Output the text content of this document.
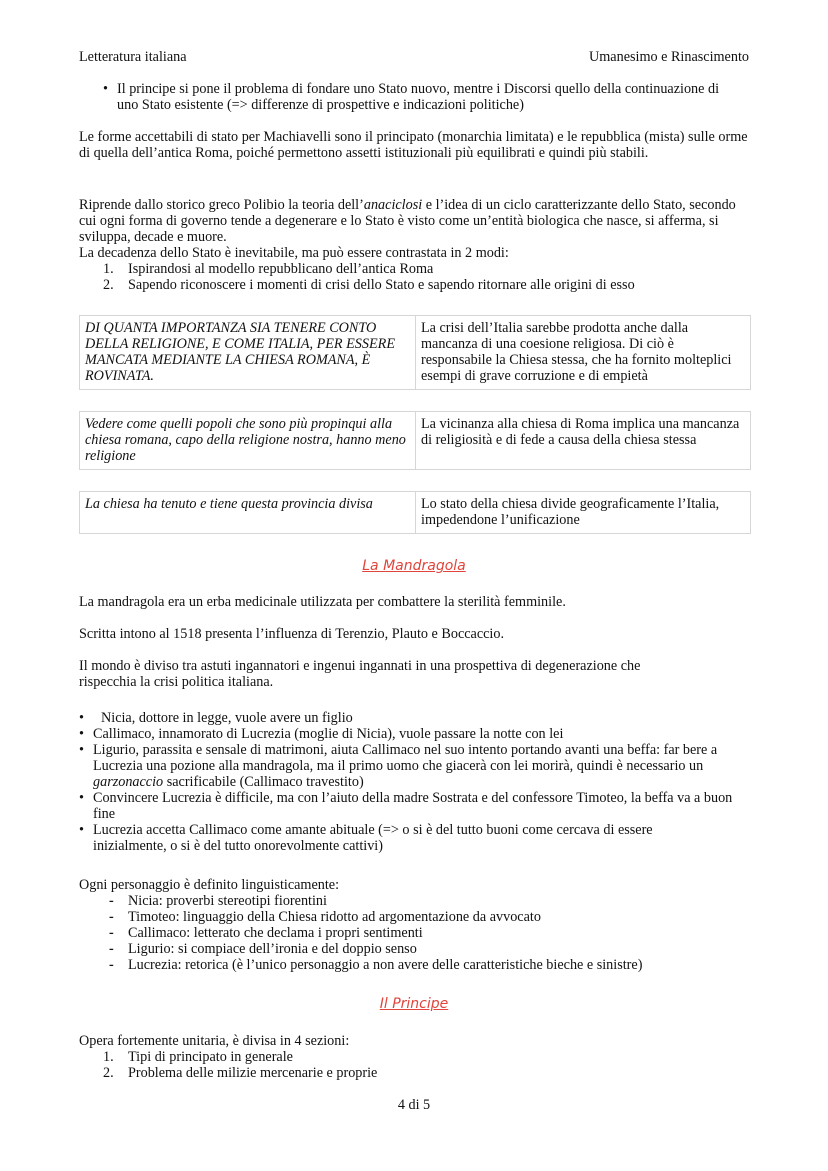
Letteratura italiana	Umanesimo e Rinascimento
• Il principe si pone il problema di fondare uno Stato nuovo, mentre i Discorsi quello della continuazione di uno Stato esistente (=> differenze di prospettive e indicazioni politiche)

Le forme accettabili di stato per Machiavelli sono il principato (monarchia limitata) e le repubblica (mista) sulle orme di quella dell’antica Roma, poiché permettono assetti istituzionali più equilibrati e quindi più stabili.

Riprende dallo storico greco Polibio la teoria dell’anaciclosi e l’idea di un ciclo caratterizzante dello Stato, secondo cui ogni forma di governo tende a degenerare e lo Stato è visto come un’entità biologica che nasce, si afferma, si sviluppa, decade e muore.

La decadenza dello Stato è inevitabile, ma può essere contrastata in 2 modi:

1. Ispirandosi al modello repubblicano dell’antica Roma
2. Sapendo riconoscere i momenti di crisi dello Stato e sapendo ritornare alle origini di esso
DI QUANTA IMPORTANZA SIA TENERE CONTO DELLA RELIGIONE, E COME ITALIA, PER ESSERE MANCATA MEDIANTE LA CHIESA ROMANA, È ROVINATA.	La crisi dell’Italia sarebbe prodotta anche dalla mancanza di una coesione religiosa. Di ciò è responsabile la Chiesa stessa, che ha fornito molteplici esempi di grave corruzione e di empietà
Vedere come quelli popoli che sono più propinqui alla chiesa romana, capo della religione nostra, hanno meno religione	La vicinanza alla chiesa di Roma implica una mancanza di religiosità e di fede a causa della chiesa stessa
La chiesa ha tenuto e tiene questa provincia divisa	Lo stato della chiesa divide geograficamente l’Italia, impedendone l’unificazione
La Mandragola

La mandragola era un erba medicinale utilizzata per combattere la sterilità femminile.

Scritta intono al 1518 presenta l’influenza di Terenzio, Plauto e Boccaccio.

Il mondo è diviso tra astuti ingannatori e ingenui ingannati in una prospettiva di degenerazione che rispecchia la crisi politica italiana.

• Nicia, dottore in legge, vuole avere un figlio
• Callimaco, innamorato di Lucrezia (moglie di Nicia), vuole passare la notte con lei
• Ligurio, parassita e sensale di matrimoni, aiuta Callimaco nel suo intento portando avanti una beffa: far bere a Lucrezia una pozione alla mandragola, ma il primo uomo che giacerà con lei morirà, quindi è necessario un garzonaccio sacrificabile (Callimaco travestito)
• Convincere Lucrezia è difficile, ma con l’aiuto della madre Sostrata e del confessore Timoteo, la beffa va a buon fine
• Lucrezia accetta Callimaco come amante abituale (=> o si è del tutto buoni come cercava di essere inizialmente, o si è del tutto onorevolmente cattivi)

Ogni personaggio è definito linguisticamente:

- Nicia: proverbi stereotipi fiorentini
- Timoteo: linguaggio della Chiesa ridotto ad argomentazione da avvocato
- Callimaco: letterato che declama i propri sentimenti
- Ligurio: si compiace dell’ironia e del doppio senso
- Lucrezia: retorica (è l’unico personaggio a non avere delle caratteristiche bieche e sinistre)
Il Principe

Opera fortemente unitaria, è divisa in 4 sezioni:

1. Tipi di principato in generale
2. Problema delle milizie mercenarie e proprie
4 di 5
